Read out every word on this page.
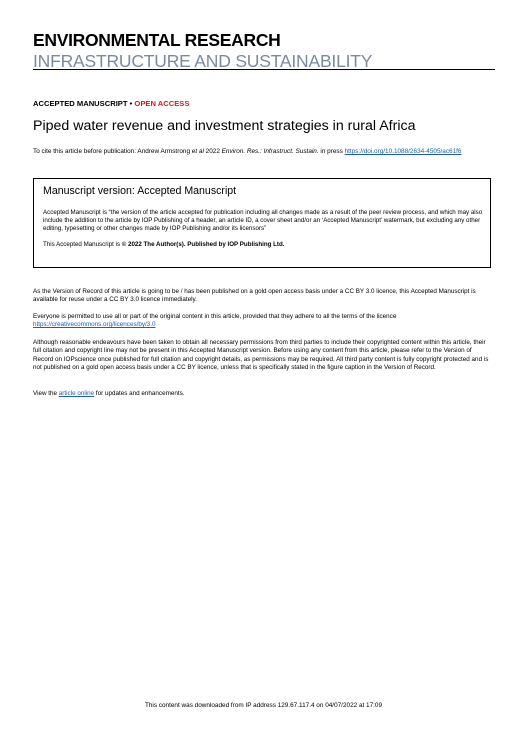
ENVIRONMENTAL RESEARCH
INFRASTRUCTURE AND SUSTAINABILITY
ACCEPTED MANUSCRIPT • OPEN ACCESS
Piped water revenue and investment strategies in rural Africa
To cite this article before publication: Andrew Armstrong et al 2022 Environ. Res.: Infrastruct. Sustain. in press https://doi.org/10.1088/2634-4505/ac61f6
Manuscript version: Accepted Manuscript

Accepted Manuscript is “the version of the article accepted for publication including all changes made as a result of the peer review process, and which may also include the addition to the article by IOP Publishing of a header, an article ID, a cover sheet and/or an ‘Accepted Manuscript’ watermark, but excluding any other editing, typesetting or other changes made by IOP Publishing and/or its licensors”

This Accepted Manuscript is © 2022 The Author(s). Published by IOP Publishing Ltd.

As the Version of Record of this article is going to be / has been published on a gold open access basis under a CC BY 3.0 licence, this Accepted Manuscript is available for reuse under a CC BY 3.0 licence immediately.

Everyone is permitted to use all or part of the original content in this article, provided that they adhere to all the terms of the licence
https://creativecommons.org/licences/by/3.0

Although reasonable endeavours have been taken to obtain all necessary permissions from third parties to include their copyrighted content within this article, their full citation and copyright line may not be present in this Accepted Manuscript version. Before using any content from this article, please refer to the Version of Record on IOPscience once published for full citation and copyright details, as permissions may be required. All third party content is fully copyright protected and is not published on a gold open access basis under a CC BY licence, unless that is specifically stated in the figure caption in the Version of Record.

View the article online for updates and enhancements.

This content was downloaded from IP address 129.67.117.4 on 04/07/2022 at 17:09
